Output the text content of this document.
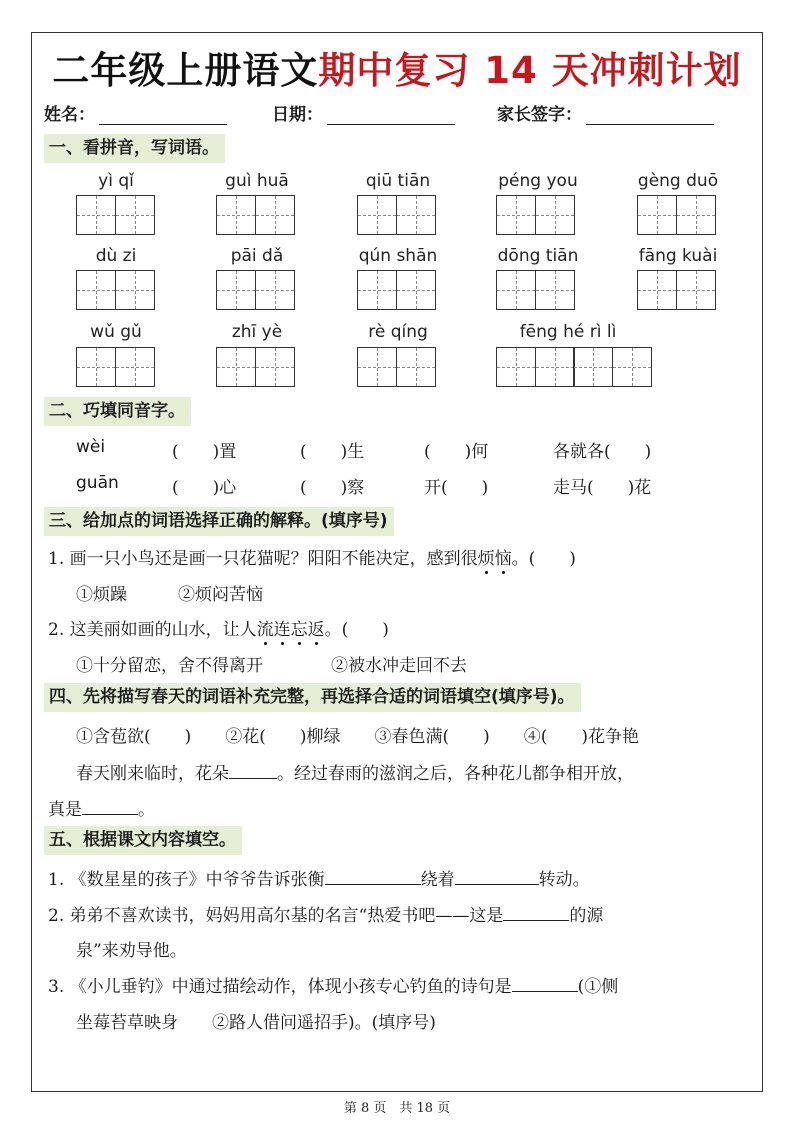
二年级上册语文期中复习 14 天冲刺计划
姓名：	日期：	家长签字：
一、看拼音，写词语。
yì qǐ	guì huā	qiū tiān	péng you	gèng duō
dù zi	pāi dǎ	qún shān	dōng tiān	fāng kuài
wǔ gǔ	zhī yè	rè qíng	fēng hé rì lì
二、巧填同音字。
wèi	(　　)置	(　　)生	(　　)何	各就各(　　)
guān	(　　)心	(　　)察	开(　　)	走马(　　)花
三、给加点的词语选择正确的解释。(填序号)
1. 画一只小鸟还是画一只花猫呢？阳阳不能决定，感到很烦恼。(　　)
①烦躁　　　②烦闷苦恼
2. 这美丽如画的山水，让人流连忘返。(　　)
①十分留恋，舍不得离开　　　　②被水冲走回不去
四、先将描写春天的词语补充完整，再选择合适的词语填空(填序号)。
①含苞欲(　　)　　②花(　　)柳绿　　③春色满(　　)　　④(　　)花争艳
春天刚来临时，花朵	。经过春雨的滋润之后，各种花儿都争相开放，
真是	。
五、根据课文内容填空。
1. 《数星星的孩子》中爷爷告诉张衡	绕着	转动。
2. 弟弟不喜欢读书，妈妈用高尔基的名言“热爱书吧——这是	的源
泉”来劝导他。
3. 《小儿垂钓》中通过描绘动作，体现小孩专心钓鱼的诗句是	(①侧
坐莓苔草映身　　②路人借问遥招手)。(填序号)
第 8 页　共 18 页
